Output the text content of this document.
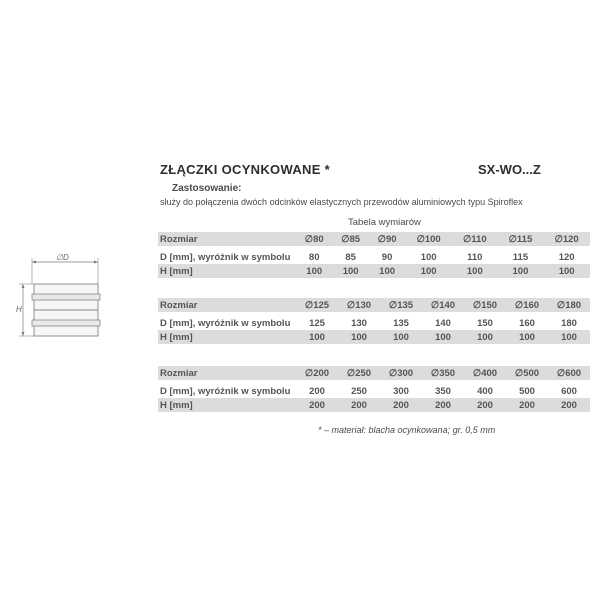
∅D
H
ZŁĄCZKI OCYNKOWANE *	SX-WO...Z
Zastosowanie:
służy do połączenia dwóch odcinków elastycznych przewodów aluminiowych typu Spiroflex
Tabela wymiarów
Rozmiar	∅80	∅85	∅90	∅100	∅110	∅115	∅120

D [mm], wyróżnik w symbolu	80	85	90	100	110	115	120
H [mm]	100	100	100	100	100	100	100
Rozmiar	∅125	∅130	∅135	∅140	∅150	∅160	∅180

D [mm], wyróżnik w symbolu	125	130	135	140	150	160	180
H [mm]	100	100	100	100	100	100	100
Rozmiar	∅200	∅250	∅300	∅350	∅400	∅500	∅600

D [mm], wyróżnik w symbolu	200	250	300	350	400	500	600
H [mm]	200	200	200	200	200	200	200
* – materiał: blacha ocynkowana; gr. 0,5 mm
